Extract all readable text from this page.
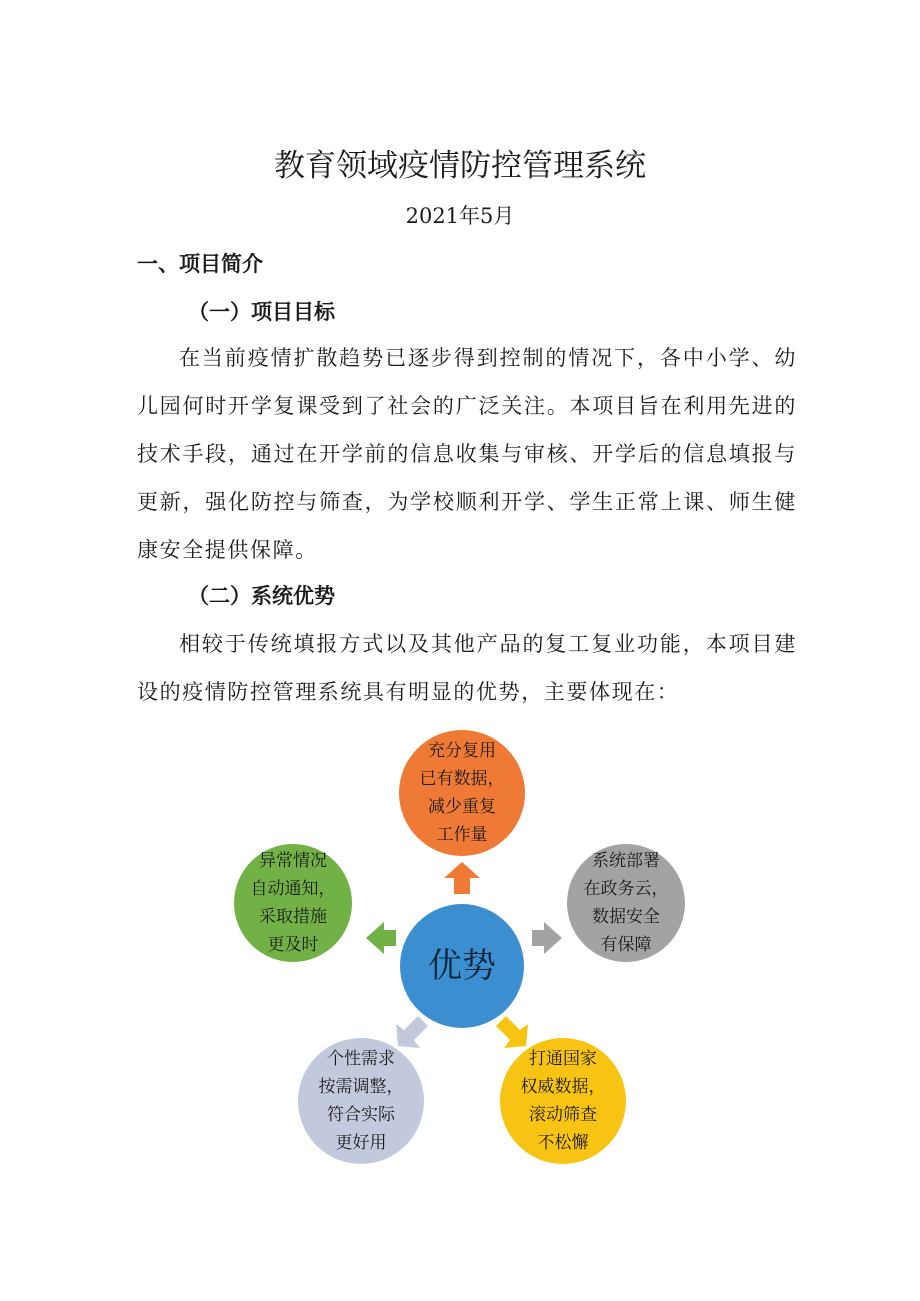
教育领域疫情防控管理系统
2021年5月
一、项目简介
（一）项目目标
在当前疫情扩散趋势已逐步得到控制的情况下，各中小学、幼儿园何时开学复课受到了社会的广泛关注。本项目旨在利用先进的技术手段，通过在开学前的信息收集与审核、开学后的信息填报与更新，强化防控与筛查，为学校顺利开学、学生正常上课、师生健康安全提供保障。
（二）系统优势
相较于传统填报方式以及其他产品的复工复业功能，本项目建设的疫情防控管理系统具有明显的优势，主要体现在：
充分复用
已有数据，
减少重复
工作量
系统部署
在政务云，
数据安全
有保障
异常情况
自动通知，
采取措施
更及时
个性需求
按需调整，
符合实际
更好用
打通国家
权威数据，
滚动筛查
不松懈
优势
